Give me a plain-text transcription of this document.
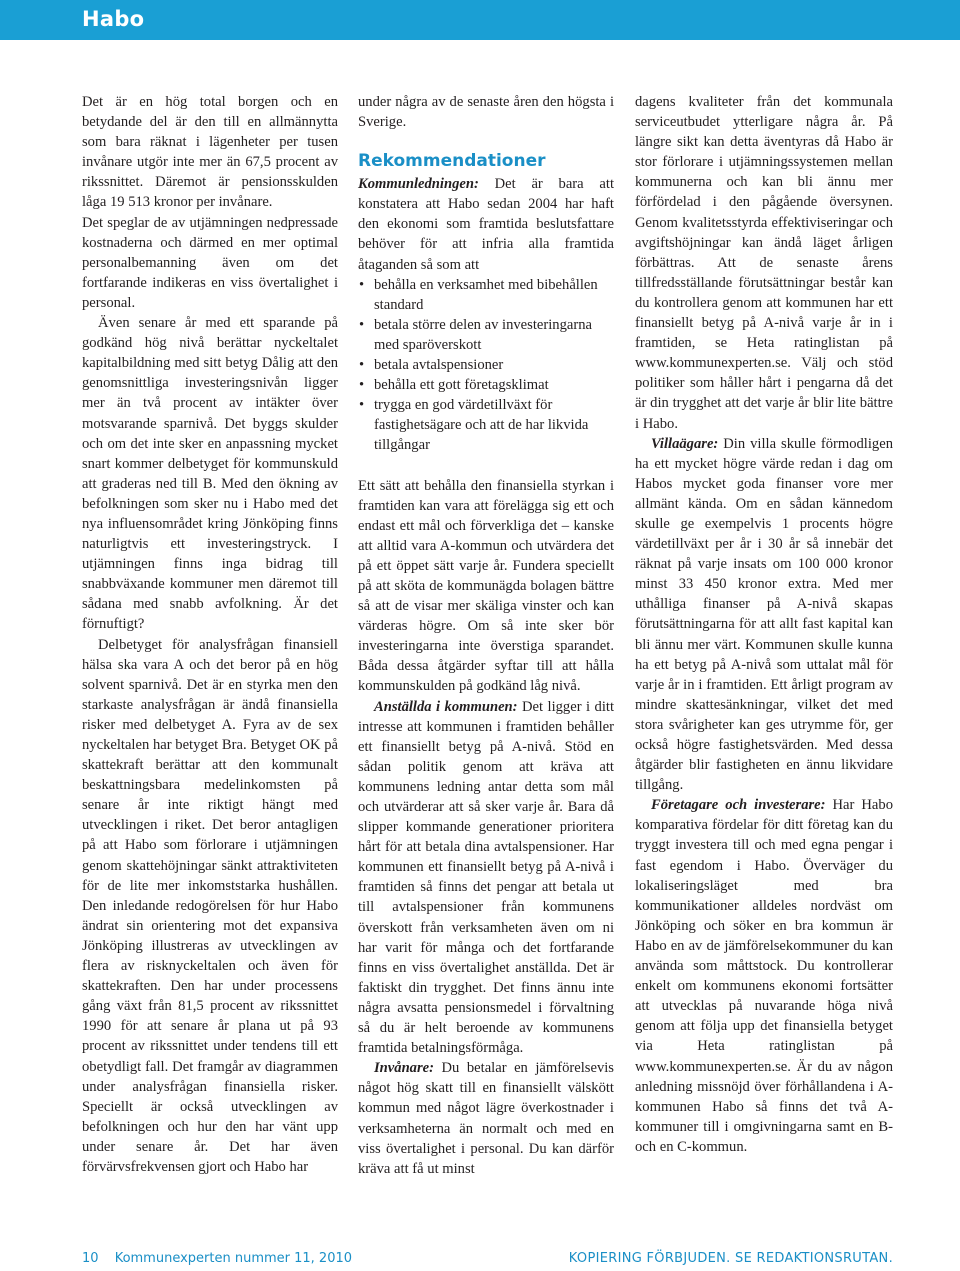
Habo

Det är en hög total borgen och en betydande del är den till en allmännytta som bara räknat i lägenheter per tusen invånare utgör inte mer än 67,5 procent av rikssnittet. Däremot är pensionsskulden låga 19 513 kronor per invånare.

Det speglar de av utjämningen nedpressade kostnaderna och därmed en mer optimal personalbemanning även om det fortfarande indikeras en viss övertalighet i personal.

Även senare år med ett sparande på godkänd hög nivå berättar nyckeltalet kapitalbildning med sitt betyg Dålig att den genomsnittliga investeringsnivån ligger mer än två procent av intäkter över motsvarande sparnivå. Det byggs skulder och om det inte sker en anpassning mycket snart kommer delbetyget för kommunskuld att graderas ned till B. Med den ökning av befolkningen som sker nu i Habo med det nya influensområdet kring Jönköping finns naturligtvis ett investeringstryck. I utjämningen finns inga bidrag till snabbväxande kommuner men däremot till sådana med snabb avfolkning. Är det förnuftigt?

Delbetyget för analysfrågan finansiell hälsa ska vara A och det beror på en hög solvent sparnivå. Det är en styrka men den starkaste analysfrågan är ändå finansiella risker med delbetyget A. Fyra av de sex nyckeltalen har betyget Bra. Betyget OK på skattekraft berättar att den kommunalt beskattningsbara medelinkomsten på senare år inte riktigt hängt med utvecklingen i riket. Det beror antagligen på att Habo som förlorare i utjämningen genom skattehöjningar sänkt attraktiviteten för de lite mer inkomststarka hushållen. Den inledande redogörelsen för hur Habo ändrat sin orientering mot det expansiva Jönköping illustreras av utvecklingen av flera av risknyckeltalen och även för skattekraften. Den har under processens gång växt från 81,5 procent av rikssnittet 1990 för att senare år plana ut på 93 procent av rikssnittet under tendens till ett obetydligt fall. Det framgår av diagrammen under analysfrågan finansiella risker. Speciellt är också utvecklingen av befolkningen och hur den har vänt upp under senare år. Det har även förvärvsfrekvensen gjort och Habo har

under några av de senaste åren den högsta i Sverige.

Rekommendationer

Kommunledningen: Det är bara att konstatera att Habo sedan 2004 har haft den ekonomi som framtida beslutsfattare behöver för att infria alla framtida åtaganden så som att

• behålla en verksamhet med bibehållen standard
• betala större delen av investeringarna med sparöverskott
• betala avtalspensioner
• behålla ett gott företagsklimat
• trygga en god värdetillväxt för fastighetsägare och att de har likvida tillgångar

Ett sätt att behålla den finansiella styrkan i framtiden kan vara att förelägga sig ett och endast ett mål och förverkliga det – kanske att alltid vara A-kommun och utvärdera det på ett öppet sätt varje år. Fundera speciellt på att sköta de kommunägda bolagen bättre så att de visar mer skäliga vinster och kan värderas högre. Om så inte sker bör investeringarna inte överstiga sparandet. Båda dessa åtgärder syftar till att hålla kommunskulden på godkänd låg nivå.

Anställda i kommunen: Det ligger i ditt intresse att kommunen i framtiden behåller ett finansiellt betyg på A-nivå. Stöd en sådan politik genom att kräva att kommunens ledning antar detta som mål och utvärderar att så sker varje år. Bara då slipper kommande generationer prioritera hårt för att betala dina avtalspensioner. Har kommunen ett finansiellt betyg på A-nivå i framtiden så finns det pengar att betala ut till avtalspensioner från kommunens överskott från verksamheten även om ni har varit för många och det fortfarande finns en viss övertalighet anställda. Det är faktiskt din trygghet. Det finns ännu inte några avsatta pensionsmedel i förvaltning så du är helt beroende av kommunens framtida betalningsförmåga.

Invånare: Du betalar en jämförelsevis något hög skatt till en finansiellt välskött kommun med något lägre överkostnader i verksamheterna än normalt och med en viss övertalighet i personal. Du kan därför kräva att få ut minst

dagens kvaliteter från det kommunala serviceutbudet ytterligare några år. På längre sikt kan detta äventyras då Habo är stor förlorare i utjämningssystemen mellan kommunerna och kan bli ännu mer förfördelad i den pågående översynen. Genom kvalitetsstyrda effektiviseringar och avgiftshöjningar kan ändå läget årligen förbättras. Att de senaste årens tillfredsställande förutsättningar består kan du kontrollera genom att kommunen har ett finansiellt betyg på A-nivå varje år in i framtiden, se Heta ratinglistan på www.kommunexperten.se. Välj och stöd politiker som håller hårt i pengarna då det är din trygghet att det varje år blir lite bättre i Habo.

Villaägare: Din villa skulle förmodligen ha ett mycket högre värde redan i dag om Habos mycket goda finanser vore mer allmänt kända. Om en sådan kännedom skulle ge exempelvis 1 procents högre värdetillväxt per år i 30 år så innebär det räknat på varje insats om 100 000 kronor minst 33 450 kronor extra. Med mer uthålliga finanser på A-nivå skapas förutsättningarna för att allt fast kapital kan bli ännu mer värt. Kommunen skulle kunna ha ett betyg på A-nivå som uttalat mål för varje år in i framtiden. Ett årligt program av mindre skattesänkningar, vilket det med stora svårigheter kan ges utrymme för, ger också högre fastighetsvärden. Med dessa åtgärder blir fastigheten en ännu likvidare tillgång.

Företagare och investerare: Har Habo komparativa fördelar för ditt företag kan du tryggt investera till och med egna pengar i fast egendom i Habo. Överväger du lokaliseringsläget med bra kommunikationer alldeles nordväst om Jönköping och söker en bra kommun är Habo en av de jämförelsekommuner du kan använda som måttstock. Du kontrollerar enkelt om kommunens ekonomi fortsätter att utvecklas på nuvarande höga nivå genom att följa upp det finansiella betyget via Heta ratinglistan på www.kommunexperten.se. Är du av någon anledning missnöjd över förhållandena i A-kommunen Habo så finns det två A-kommuner till i omgivningarna samt en B- och en C-kommun.

10 Kommunexperten nummer 11, 2010	KOPIERING FÖRBJUDEN. SE REDAKTIONSRUTAN.
